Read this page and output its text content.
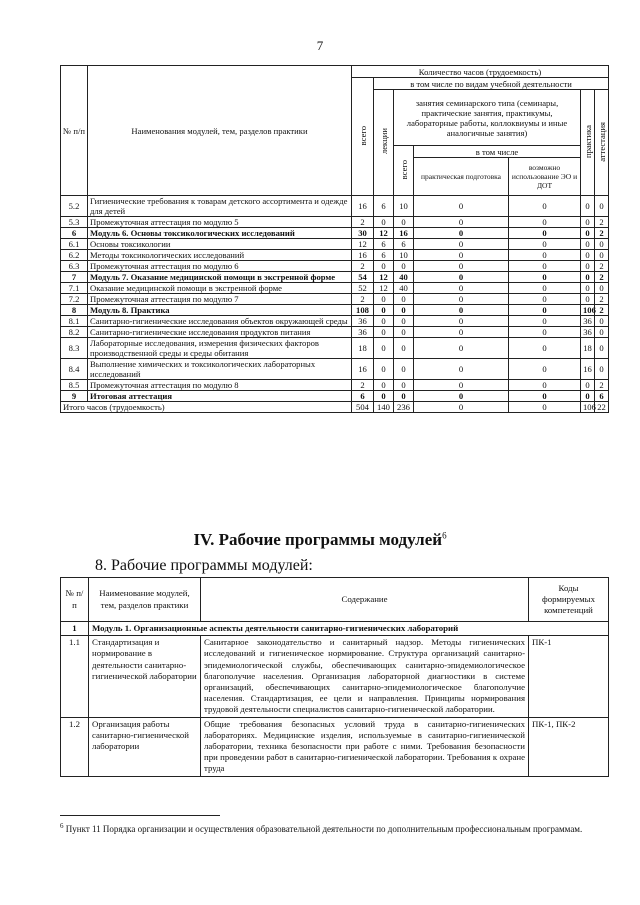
7
№ п/п	Наименования модулей, тем, разделов практики	Количество часов (трудоемкость)						
		всего	в том числе по видам учебной деятельности					
			лекции	занятия семинарского типа (семинары, практические занятия, практикумы, лабораторные работы, коллоквиумы и иные аналогичные занятия)			практика	аттестация
				всего	в том числе			
					практическая подготовка	возможно использование ЭО и ДОТ		
5.2	Гигиенические требования к товарам детского ассортимента и одежде для детей	16	6	10	0	0	0	0
5.3	Промежуточная аттестация по модулю 5	2	0	0	0	0	0	2
6	Модуль 6. Основы токсикологических исследований	30	12	16	0	0	0	2
6.1	Основы токсикологии	12	6	6	0	0	0	0
6.2	Методы токсикологических исследований	16	6	10	0	0	0	0
6.3	Промежуточная аттестация по модулю 6	2	0	0	0	0	0	2
7	Модуль 7. Оказание медицинской помощи в экстренной форме	54	12	40	0	0	0	2
7.1	Оказание медицинской помощи в экстренной форме	52	12	40	0	0	0	0
7.2	Промежуточная аттестация по модулю 7	2	0	0	0	0	0	2
8	Модуль 8. Практика	108	0	0	0	0	106	2
8.1	Санитарно-гигиенические исследования объектов окружающей среды	36	0	0	0	0	36	0
8.2	Санитарно-гигиенические исследования продуктов питания	36	0	0	0	0	36	0
8.3	Лабораторные исследования, измерения физических факторов производственной среды и среды обитания	18	0	0	0	0	18	0
8.4	Выполнение химических и токсикологических лабораторных исследований	16	0	0	0	0	16	0
8.5	Промежуточная аттестация по модулю 8	2	0	0	0	0	0	2
9	Итоговая аттестация	6	0	0	0	0	0	6
Итого часов (трудоемкость)		504	140	236	0	0	106	22
IV. Рабочие программы модулей$^6$
8. Рабочие программы модулей:
№ п/п	Наименование модулей, тем, разделов практики	Содержание	Коды формируемых компетенций
1	Модуль 1. Организационные аспекты деятельности санитарно-гигиенических лабораторий		
1.1	Стандартизация и нормирование в деятельности санитарно-гигиенической лаборатории	Санитарное законодательство и санитарный надзор. Методы гигиенических исследований и гигиеническое нормирование. Структура организаций санитарно-эпидемиологической службы, обеспечивающих санитарно-эпидемиологическое благополучие населения. Организация лабораторной диагностики в системе организаций, обеспечивающих санитарно-эпидемиологическое благополучие населения. Стандартизация, ее цели и направления. Принципы нормирования трудовой деятельности специалистов санитарно-гигиенической лаборатории.	ПК-1
1.2	Организация работы санитарно-гигиенической лаборатории	Общие требования безопасных условий труда в санитарно-гигиенических лабораториях. Медицинские изделия, используемые в санитарно-гигиенической лаборатории, техника безопасности при работе с ними. Требования безопасности при проведении работ в санитарно-гигиенической лаборатории. Требования к охране труда	ПК-1, ПК-2
$^6$ Пункт 11 Порядка организации и осуществления образовательной деятельности по дополнительным профессиональным программам.
